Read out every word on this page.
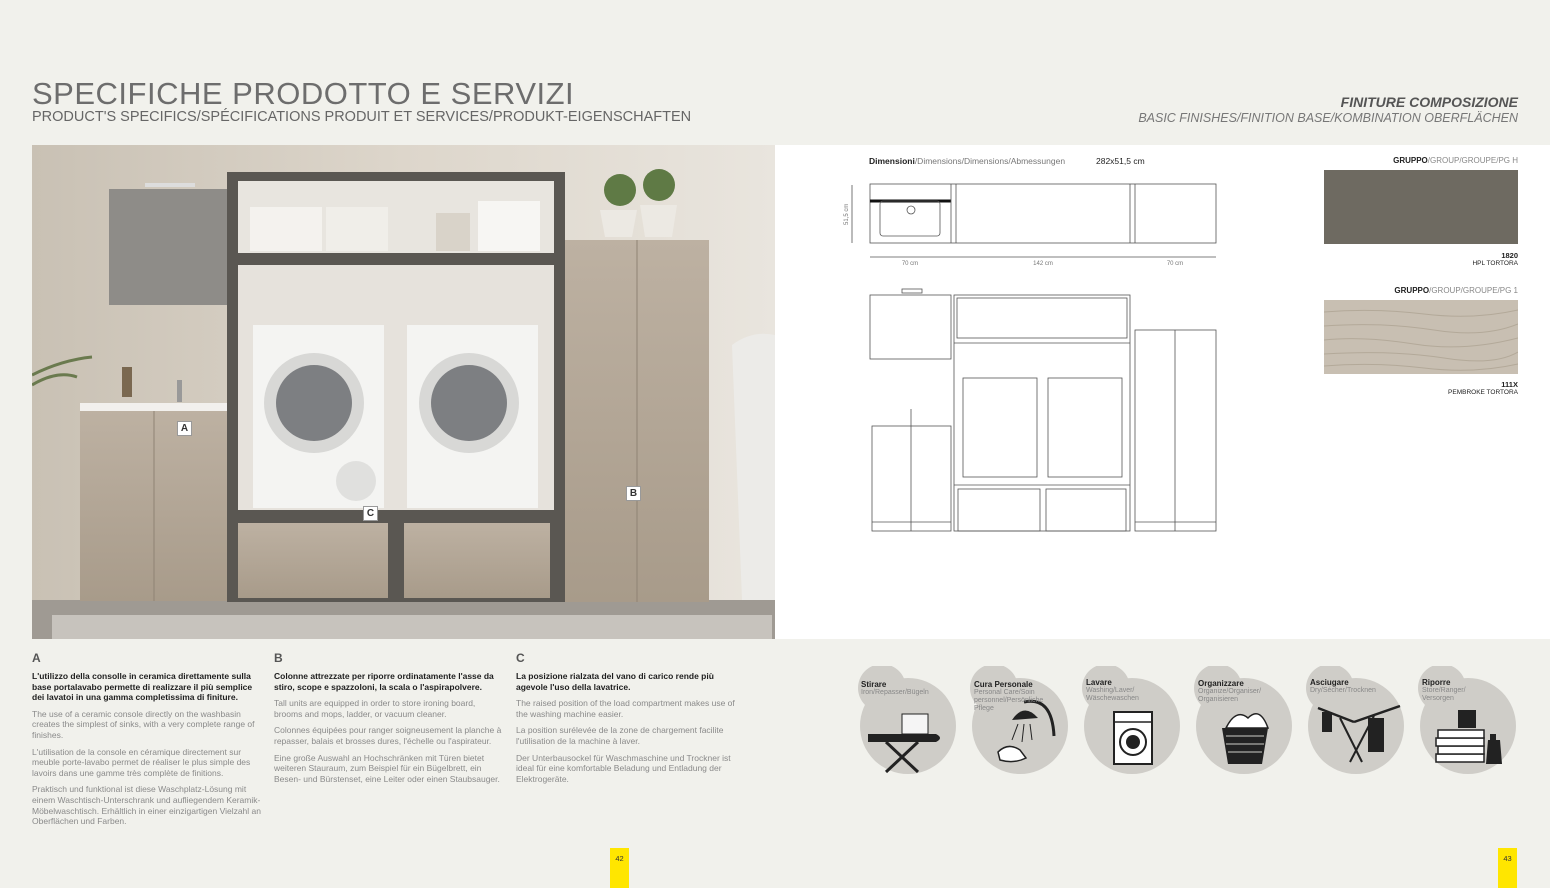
SPECIFICHE PRODOTTO E SERVIZI
PRODUCT'S SPECIFICS/SPÉCIFICATIONS PRODUIT ET SERVICES/PRODUKT-EIGENSCHAFTEN
FINITURE COMPOSIZIONE
BASIC FINISHES/FINITION BASE/KOMBINATION OBERFLÄCHEN
A
B
C
Dimensioni/Dimensions/Dimensions/Abmessungen	282x51,5 cm
51,5 cm
70 cm	142 cm	70 cm
GRUPPO/GROUP/GROUPE/PG H
1820
HPL TORTORA
GRUPPO/GROUP/GROUPE/PG 1
111X
PEMBROKE TORTORA
A
L'utilizzo della consolle in ceramica direttamente sulla base portalavabo permette di realizzare il più semplice dei lavatoi in una gamma completissima di finiture.
The use of a ceramic console directly on the washbasin creates the simplest of sinks, with a very complete range of finishes.
L'utilisation de la console en céramique directement sur meuble porte-lavabo permet de réaliser le plus simple des lavoirs dans une gamme très complète de finitions.
Praktisch und funktional ist diese Waschplatz-Lösung mit einem Waschtisch-Unterschrank und aufliegendem Keramik-Möbelwaschtisch. Erhältlich in einer einzigartigen Vielzahl an Oberflächen und Farben.
B
Colonne attrezzate per riporre ordinatamente l'asse da stiro, scope e spazzoloni, la scala o l'aspirapolvere.
Tall units are equipped in order to store ironing board, brooms and mops, ladder, or vacuum cleaner.
Colonnes équipées pour ranger soigneusement la planche à repasser, balais et brosses dures, l'échelle ou l'aspirateur.
Eine große Auswahl an Hochschränken mit Türen bietet weiteren Stauraum, zum Beispiel für ein Bügelbrett, ein Besen- und Bürstenset, eine Leiter oder einen Staubsauger.
C
La posizione rialzata del vano di carico rende più agevole l'uso della lavatrice.
The raised position of the load compartment makes use of the washing machine easier.
La position surélevée de la zone de chargement facilite l'utilisation de la machine à laver.
Der Unterbausockel für Waschmaschine und Trockner ist ideal für eine komfortable Beladung und Entladung der Elektrogeräte.
Stirare
Iron/Repasser/Bügeln
Cura Personale
Personal Care/Soin personnel/Persönliche Pflege
Lavare
Washing/Laver/ Wäschewaschen
Organizzare
Organize/Organiser/ Organisieren
Asciugare
Dry/Sécher/Trocknen
Riporre
Store/Ranger/ Versorgen
42	43
